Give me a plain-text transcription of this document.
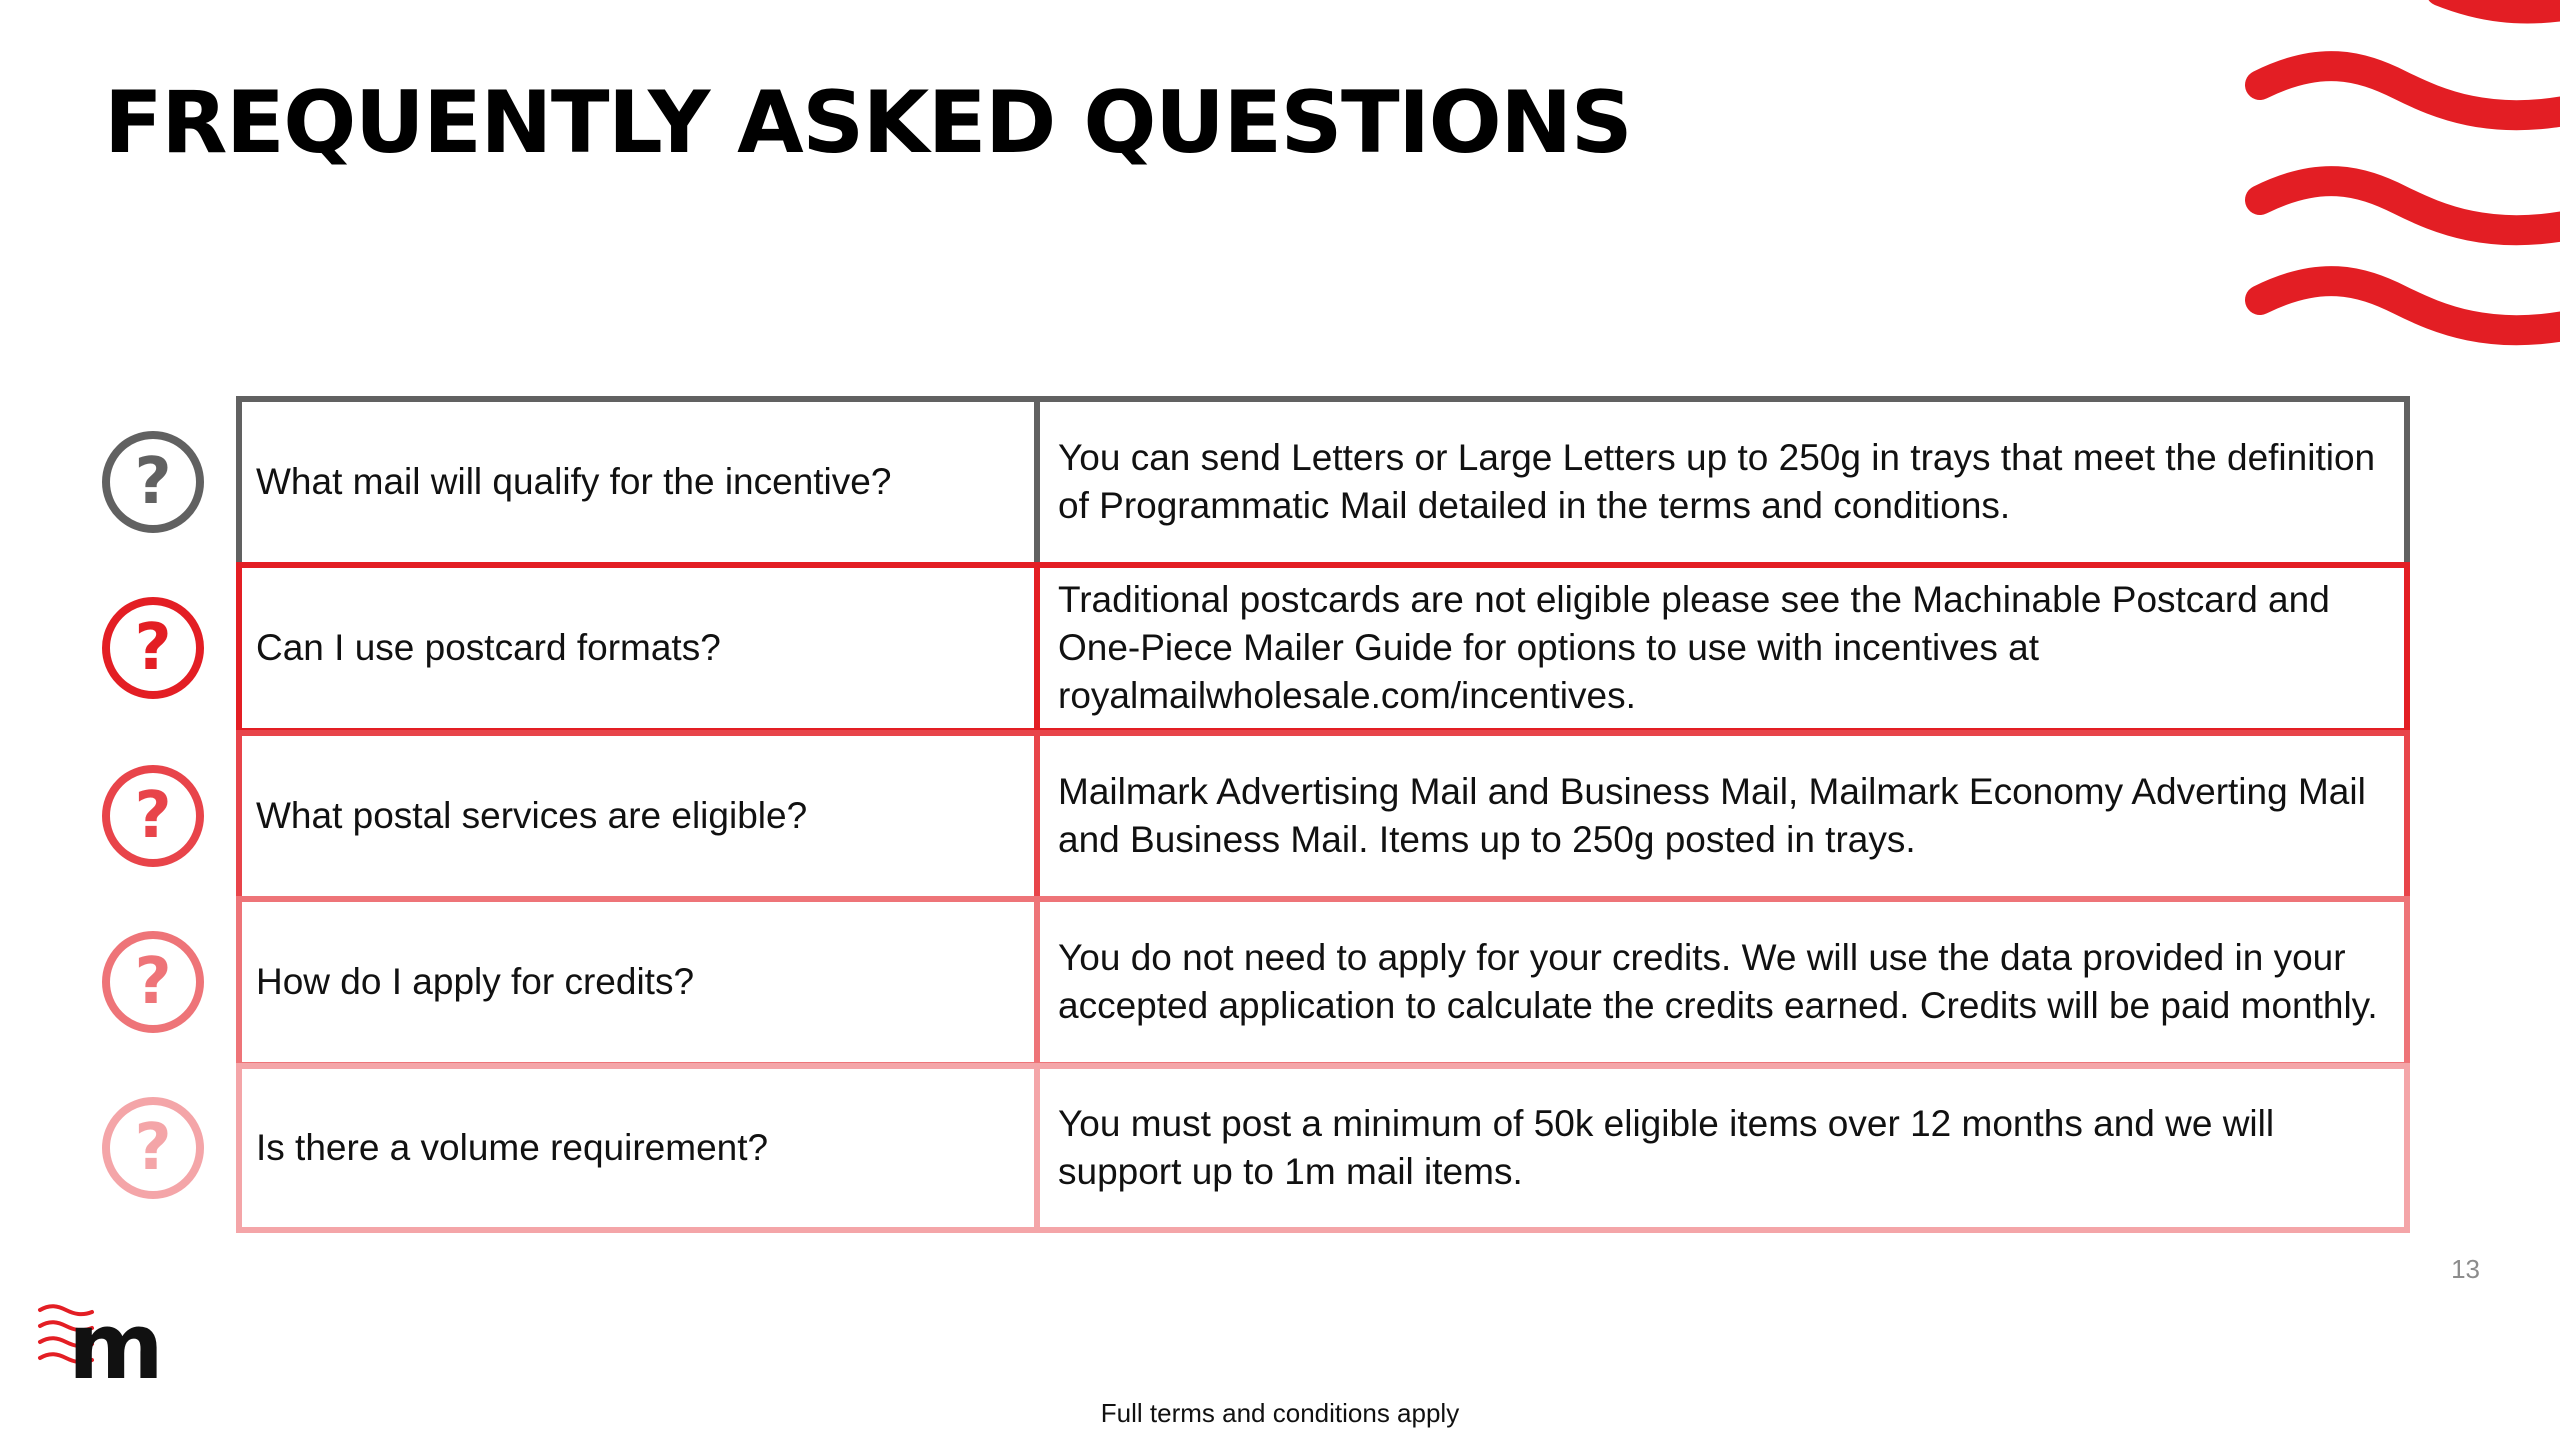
FREQUENTLY ASKED QUESTIONS
?	What mail will qualify for the incentive?
You can send Letters or Large Letters up to 250g in trays that meet the definition of Programmatic Mail detailed in the terms and conditions.
?	Can I use postcard formats?
Traditional postcards are not eligible please see the Machinable Postcard and One-Piece Mailer Guide for options to use with incentives at royalmailwholesale.com/incentives.
?	What postal services are eligible?
Mailmark Advertising Mail and Business Mail, Mailmark Economy Adverting Mail and Business Mail. Items up to 250g posted in trays.
?	How do I apply for credits?
You do not need to apply for your credits. We will use the data provided in your accepted application to calculate the credits earned. Credits will be paid monthly.
?	Is there a volume requirement?
You must post a minimum of 50k eligible items over 12 months and we will support up to 1m mail items.

13

m

Full terms and conditions apply
